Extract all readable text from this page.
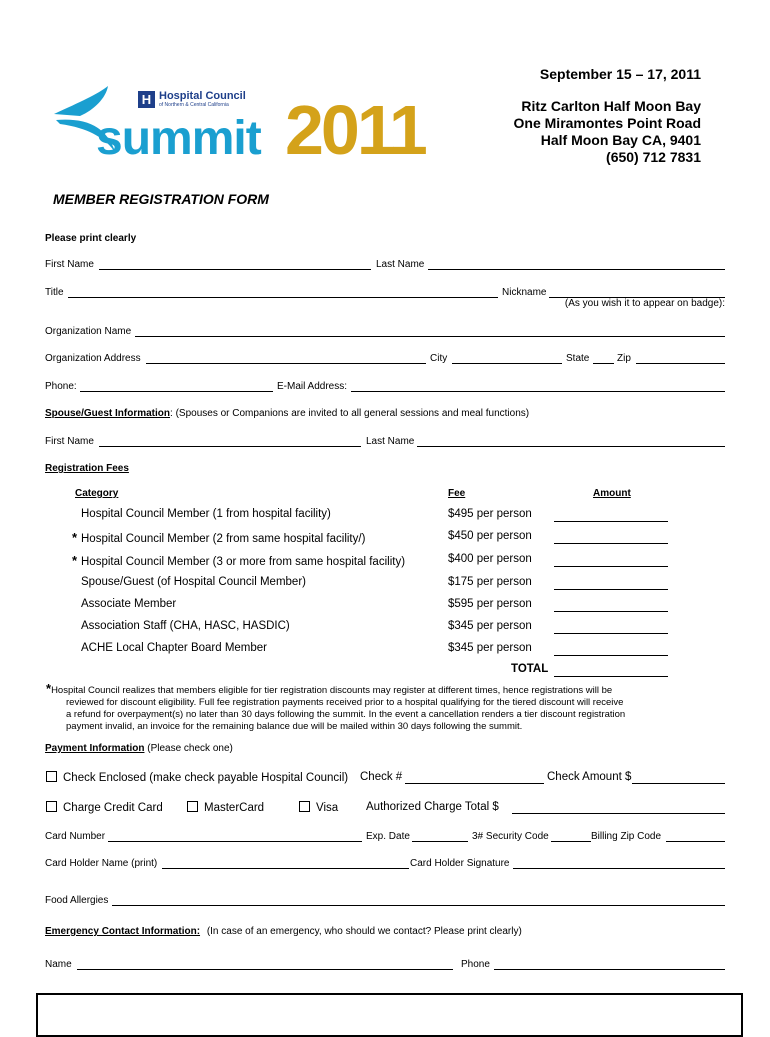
September 15 – 17, 2011
Ritz Carlton Half Moon Bay
One Miramontes Point Road
Half Moon Bay CA, 9401
(650) 712 7831
H Hospital Council
of Northern & Central California
summit 2011
MEMBER REGISTRATION FORM
Please print clearly
First Name	Last Name
Title	Nickname
(As you wish it to appear on badge):
Organization Name
Organization Address	City	State	Zip
Phone:	E-Mail Address:
Spouse/Guest Information: (Spouses or Companions are invited to all general sessions and meal functions)
First Name	Last Name
Registration Fees
Category	Fee	Amount
Hospital Council Member (1 from hospital facility)	$495 per person
* Hospital Council Member (2 from same hospital facility/)	$450 per person
* Hospital Council Member (3 or more from same hospital facility)	$400 per person
Spouse/Guest (of Hospital Council Member)	$175 per person
Associate Member	$595 per person
Association Staff (CHA, HASC, HASDIC)	$345 per person
ACHE Local Chapter Board Member	$345 per person
TOTAL
*Hospital Council realizes that members eligible for tier registration discounts may register at different times, hence registrations will be
reviewed for discount eligibility. Full fee registration payments received prior to a hospital qualifying for the tiered discount will receive
a refund for overpayment(s) no later than 30 days following the summit. In the event a cancellation renders a tier discount registration
payment invalid, an invoice for the remaining balance due will be mailed within 30 days following the summit.
Payment Information (Please check one)
Check Enclosed (make check payable Hospital Council) Check #	Check Amount $
Charge Credit Card	MasterCard	Visa Authorized Charge Total $
Card Number	Exp. Date	3# Security Code	Billing Zip Code
Card Holder Name (print)	Card Holder Signature
Food Allergies
Emergency Contact Information: (In case of an emergency, who should we contact? Please print clearly)
Name	Phone
